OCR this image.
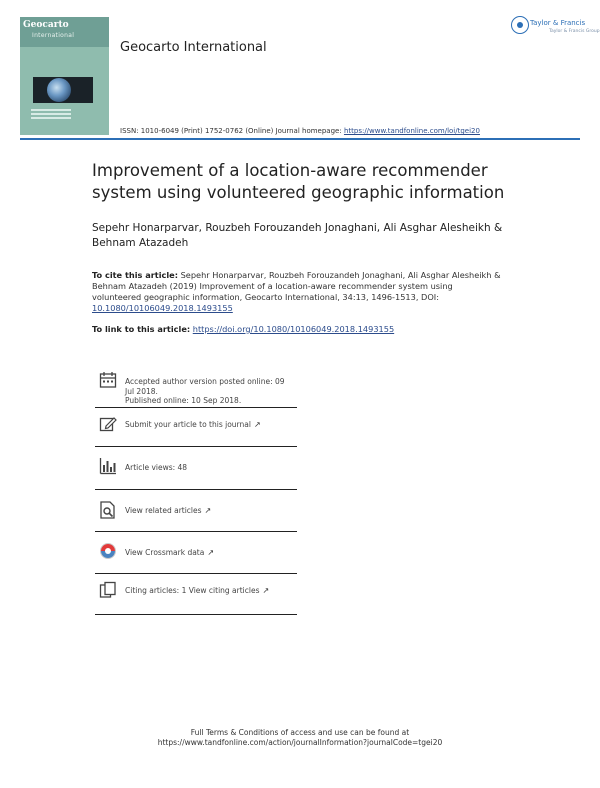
Geocarto
International
Geocarto International
Taylor & Francis
Taylor & Francis Group
ISSN: 1010-6049 (Print) 1752-0762 (Online) Journal homepage: https://www.tandfonline.com/loi/tgei20
Improvement of a location-aware recommender system using volunteered geographic information
Sepehr Honarparvar, Rouzbeh Forouzandeh Jonaghani, Ali Asghar Alesheikh & Behnam Atazadeh
To cite this article: Sepehr Honarparvar, Rouzbeh Forouzandeh Jonaghani, Ali Asghar Alesheikh & Behnam Atazadeh (2019) Improvement of a location-aware recommender system using volunteered geographic information, Geocarto International, 34:13, 1496-1513, DOI: 10.1080/10106049.2018.1493155
To link to this article: https://doi.org/10.1080/10106049.2018.1493155
Accepted author version posted online: 09 Jul 2018.
Published online: 10 Sep 2018.
Submit your article to this journal ↗
Article views: 48
View related articles ↗
View Crossmark data ↗
Citing articles: 1 View citing articles ↗
Full Terms & Conditions of access and use can be found at
https://www.tandfonline.com/action/journalInformation?journalCode=tgei20
